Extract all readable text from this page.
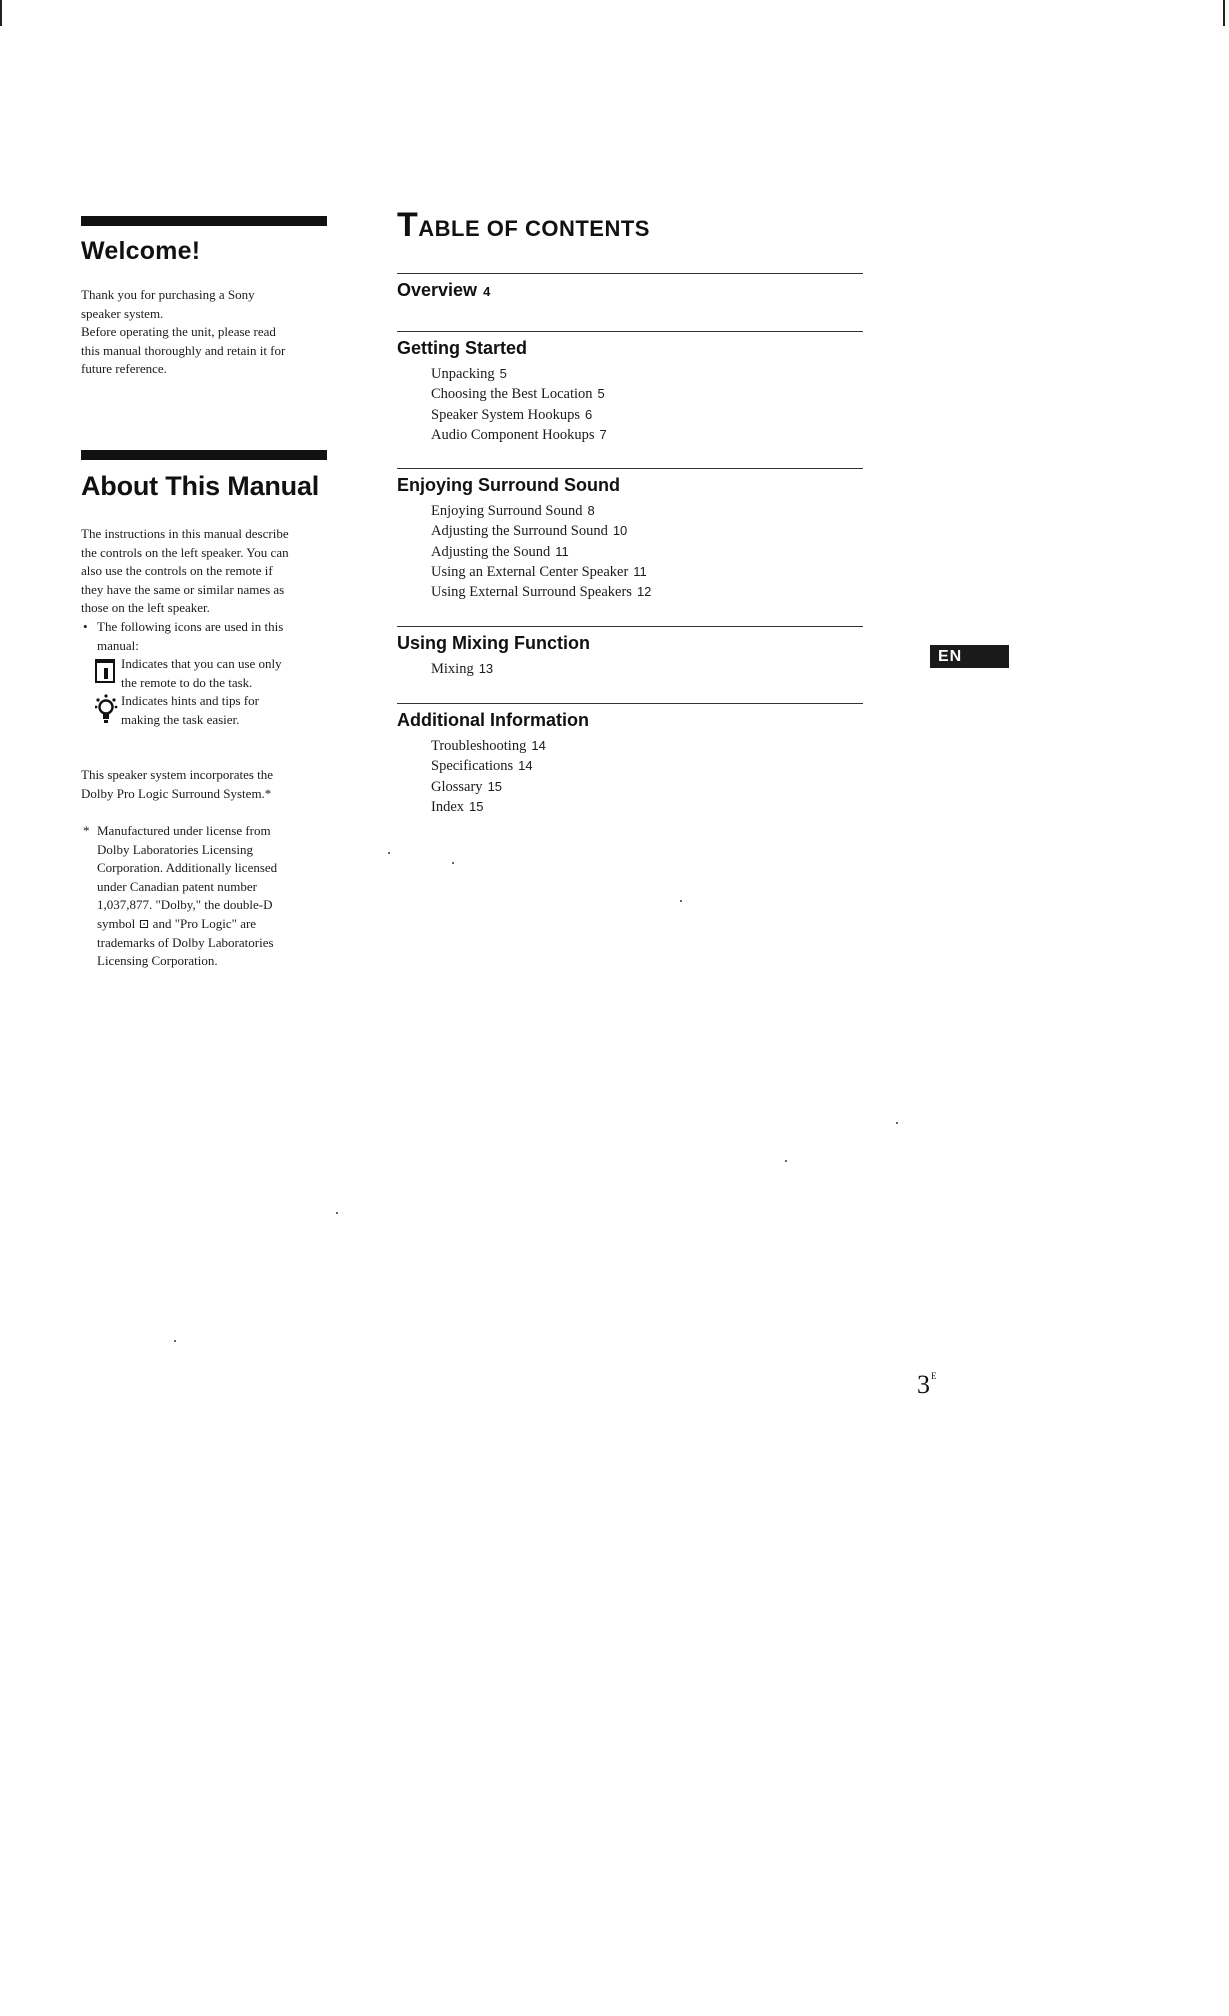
Welcome!

Thank you for purchasing a Sony
speaker system.
Before operating the unit, please read
this manual thoroughly and retain it for
future reference.

About This Manual

The instructions in this manual describe
the controls on the left speaker. You can
also use the controls on the remote if
they have the same or similar names as
those on the left speaker.

• The following icons are used in this
manual:
Indicates that you can use only
the remote to do the task.
Indicates hints and tips for
making the task easier.

This speaker system incorporates the
Dolby Pro Logic Surround System.*

* Manufactured under license from
Dolby Laboratories Licensing
Corporation. Additionally licensed
under Canadian patent number
1,037,877. "Dolby," the double-D
symbol ⊡ and "Pro Logic" are
trademarks of Dolby Laboratories
Licensing Corporation.
TABLE OF CONTENTS
Overview 4
Getting Started
Unpacking 5
Choosing the Best Location 5
Speaker System Hookups 6
Audio Component Hookups 7
Enjoying Surround Sound
Enjoying Surround Sound 8
Adjusting the Surround Sound 10
Adjusting the Sound 11
Using an External Center Speaker 11
Using External Surround Speakers 12
Using Mixing Function
Mixing 13
Additional Information
Troubleshooting 14
Specifications 14
Glossary 15
Index 15
EN
$3^E$
